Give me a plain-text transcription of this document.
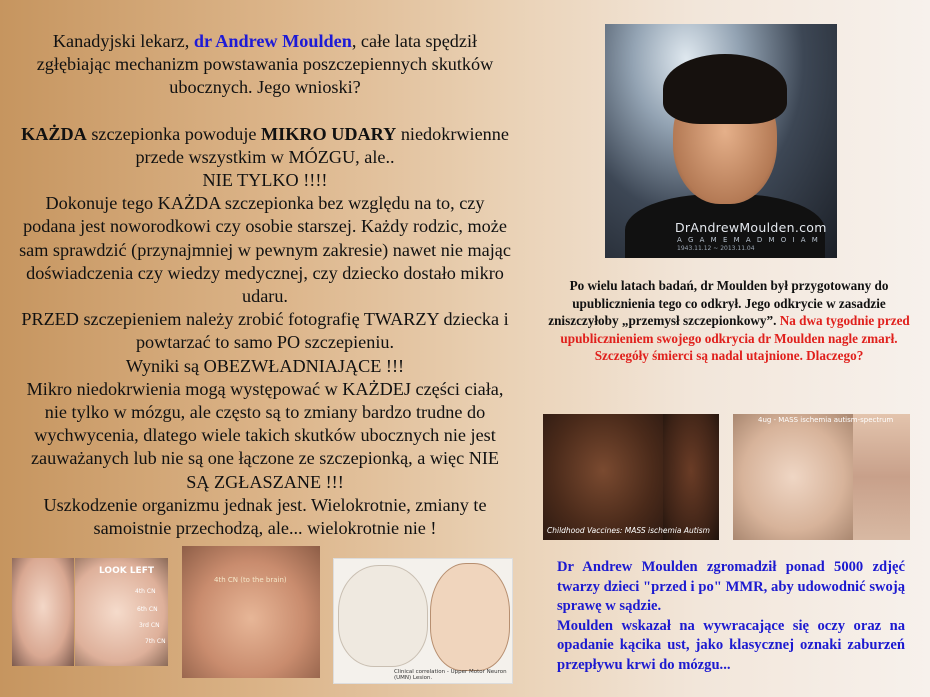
Kanadyjski lekarz, dr Andrew Moulden, całe lata spędził zgłębiając mechanizm powstawania poszczepiennych skutków ubocznych. Jego wnioski?

KAŻDA szczepionka powoduje MIKRO UDARY niedokrwienne przede wszystkim w MÓZGU, ale..
NIE TYLKO !!!!
Dokonuje tego KAŻDA szczepionka bez względu na to, czy podana jest noworodkowi czy osobie starszej. Każdy rodzic, może sam sprawdzić (przynajmniej w pewnym zakresie) nawet nie mając doświadczenia czy wiedzy medycznej, czy dziecko dostało mikro udaru.
PRZED szczepieniem należy zrobić fotografię TWARZY dziecka i powtarzać to samo PO szczepieniu.
Wyniki są OBEZWŁADNIAJĄCE !!!
Mikro niedokrwienia mogą występować w KAŻDEJ części ciała, nie tylko w mózgu, ale często są to zmiany bardzo trudne do wychwycenia, dlatego wiele takich skutków ubocznych nie jest zauważanych lub nie są one łączone ze szczepionką, a więc NIE SĄ ZGŁASZANE !!!
Uszkodzenie organizmu jednak jest. Wielokrotnie, zmiany te samoistnie przechodzą, ale... wielokrotnie nie !

DrAndrewMoulden.com
A G A M E M A D M O I A M
1943.11.12 ~ 2013.11.04
Po wielu latach badań, dr Moulden był przygotowany do upublicznienia tego co odkrył. Jego odkrycie w zasadzie zniszczyłoby „przemysł szczepionkowy”. Na dwa tygodnie przed upublicznieniem swojego odkrycia dr Moulden nagle zmarł. Szczegóły śmierci są nadal utajnione. Dlaczego?
Childhood Vaccines: MASS ischemia Autism
4ug - MASS ischemia autism-spectrum
Dr Andrew Moulden zgromadził ponad 5000 zdjęć twarzy dzieci "przed i po" MMR, aby udowodnić swoją sprawę w sądzie.
Moulden wskazał na wywracające się oczy oraz na opadanie kącika ust, jako klasycznej oznaki zaburzeń przepływu krwi do mózgu...
LOOK LEFT
4th CN
6th CN
3rd CN
7th CN
4th CN (to the brain)
Clinical correlation - Upper Motor Neuron (UMN) Lesion.
